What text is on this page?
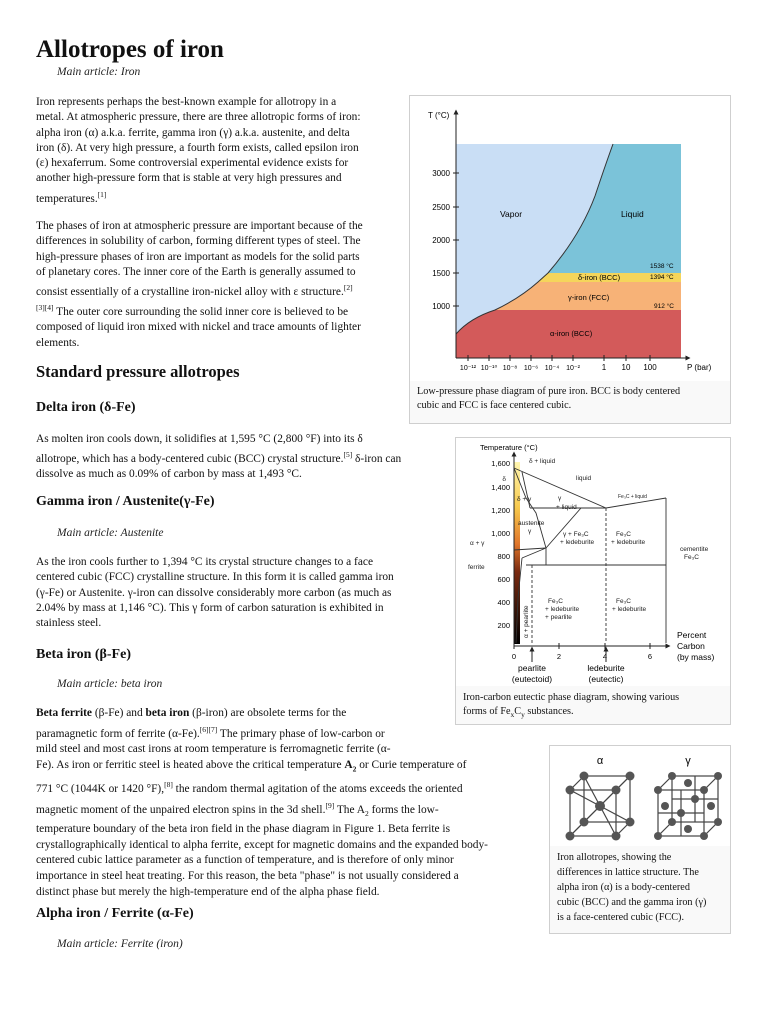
Allotropes of iron
Main article: Iron
Iron represents perhaps the best-known example for allotropy in a
metal. At atmospheric pressure, there are three allotropic forms of iron:
alpha iron (α) a.k.a. ferrite, gamma iron (γ) a.k.a. austenite, and delta
iron (δ). At very high pressure, a fourth form exists, called epsilon iron
(ε) hexaferrum. Some controversial experimental evidence exists for
another high-pressure form that is stable at very high pressures and
temperatures.[1]
The phases of iron at atmospheric pressure are important because of the
differences in solubility of carbon, forming different types of steel. The
high-pressure phases of iron are important as models for the solid parts
of planetary cores. The inner core of the Earth is generally assumed to
consist essentially of a crystalline iron-nickel alloy with ε structure.[2]
[3][4] The outer core surrounding the solid inner core is believed to be
composed of liquid iron mixed with nickel and trace amounts of lighter
elements.
Standard pressure allotropes
Delta iron (δ-Fe)
As molten iron cools down, it solidifies at 1,595 °C (2,800 °F) into its δ
allotrope, which has a body-centered cubic (BCC) crystal structure.[5] δ-iron can
dissolve as much as 0.09% of carbon by mass at 1,493 °C.
Gamma iron / Austenite(γ-Fe)
Main article: Austenite
As the iron cools further to 1,394 °C its crystal structure changes to a face
centered cubic (FCC) crystalline structure. In this form it is called gamma iron
(γ-Fe) or Austenite. γ-iron can dissolve considerably more carbon (as much as
2.04% by mass at 1,146 °C). This γ form of carbon saturation is exhibited in
stainless steel.
Beta iron (β-Fe)
Main article: beta iron
Beta ferrite (β-Fe) and beta iron (β-iron) are obsolete terms for the
paramagnetic form of ferrite (α-Fe).[6][7] The primary phase of low-carbon or
mild steel and most cast irons at room temperature is ferromagnetic ferrite (α-
Fe). As iron or ferritic steel is heated above the critical temperature $A_2$ or Curie temperature of
771 °C (1044K or 1420 °F),[8] the random thermal agitation of the atoms exceeds the oriented
magnetic moment of the unpaired electron spins in the 3d shell.[9] The $A_2$ forms the low-
temperature boundary of the beta iron field in the phase diagram in Figure 1. Beta ferrite is
crystallographically identical to alpha ferrite, except for magnetic domains and the expanded body-
centered cubic lattice parameter as a function of temperature, and is therefore of only minor
importance in steel heat treating. For this reason, the beta "phase" is not usually considered a
distinct phase but merely the high-temperature end of the alpha phase field.
Alpha iron / Ferrite (α-Fe)
Main article: Ferrite (iron)
T (°C)
P (bar)
3000
2500
2000
1500
1000
10⁻¹² 10⁻¹⁰ 10⁻⁸ 10⁻⁶ 10⁻⁴ 10⁻²	1 10 100
Vapor	Liquid
δ-iron (BCC)
γ-iron (FCC)
α-iron (BCC)
1538 °C
1394 °C
912 °C
Low-pressure phase diagram of pure iron. BCC is body centered
cubic and FCC is face centered cubic.
Temperature (°C)
1,600
1,400
1,200
1,000
800
600
400
200
0	2	4	6
δ + liquid
δ
δ + γ
liquid
Fe₃C + liquid
γ
+ liquid
austenite
γ	γ + Fe₃C
+ ledeburite
Fe₃C
+ ledeburite
cementite
Fe₃C
α + γ
ferrite
α + pearlite
Fe₃C
+ ledeburite
+ pearlite
Fe₃C
+ ledeburite
Percent
Carbon
(by mass)
pearlite
(eutectoid)
ledeburite
(eutectic)
Iron-carbon eutectic phase diagram, showing various
forms of $Fe_xC_y$ substances.
α	γ
Iron allotropes, showing the
differences in lattice structure. The
alpha iron (α) is a body-centered
cubic (BCC) and the gamma iron (γ)
is a face-centered cubic (FCC).
